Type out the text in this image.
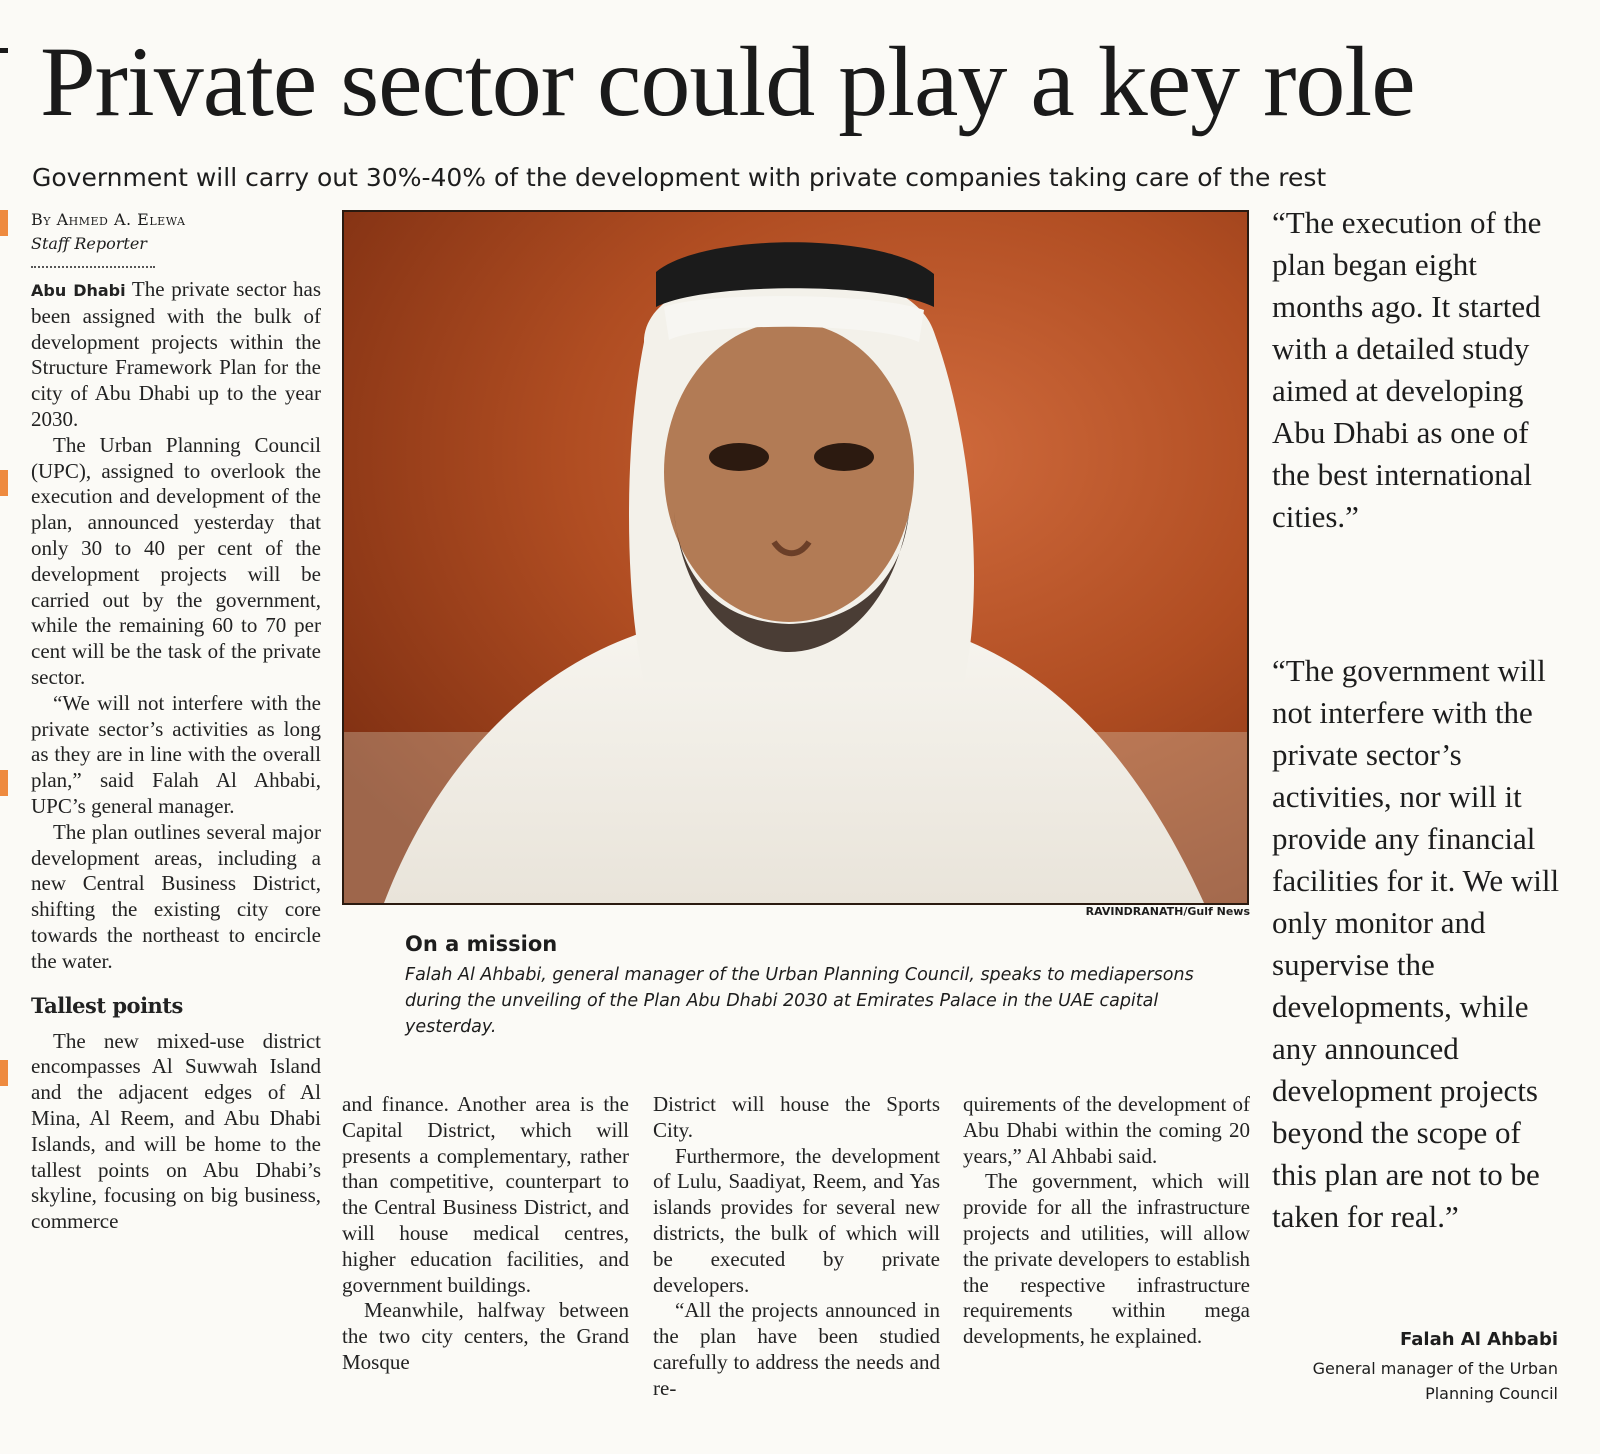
Private sector could play a key role
Government will carry out 30%-40% of the development with private companies taking care of the rest
By Ahmed A. Elewa
Staff Reporter

Abu Dhabi The private sector has been assigned with the bulk of development projects within the Structure Framework Plan for the city of Abu Dhabi up to the year 2030.

The Urban Planning Council (UPC), assigned to overlook the execution and development of the plan, announced yesterday that only 30 to 40 per cent of the development projects will be carried out by the government, while the remaining 60 to 70 per cent will be the task of the private sector.

“We will not interfere with the private sector’s activities as long as they are in line with the overall plan,” said Falah Al Ahbabi, UPC’s general manager.

The plan outlines several major development areas, including a new Central Business District, shifting the existing city core towards the northeast to encircle the water.

Tallest points

The new mixed-use district encompasses Al Suwwah Island and the adjacent edges of Al Mina, Al Reem, and Abu Dhabi Islands, and will be home to the tallest points on Abu Dhabi’s skyline, focusing on big business, commerce

RAVINDRANATH/Gulf News
On a mission
Falah Al Ahbabi, general manager of the Urban Planning Council, speaks to mediapersons during the unveiling of the Plan Abu Dhabi 2030 at Emirates Palace in the UAE capital yesterday.

and finance. Another area is the Capital District, which will presents a complementary, rather than competitive, counterpart to the Central Business District, and will house medical centres, higher education facilities, and government buildings.

Meanwhile, halfway between the two city centers, the Grand Mosque

District will house the Sports City.

Furthermore, the development of Lulu, Saadiyat, Reem, and Yas islands provides for several new districts, the bulk of which will be executed by private developers.

“All the projects announced in the plan have been studied carefully to address the needs and re-

quirements of the development of Abu Dhabi within the coming 20 years,” Al Ahbabi said.

The government, which will provide for all the infrastructure projects and utilities, will allow the private developers to establish the respective infrastructure requirements within mega developments, he explained.

“The execution of the plan began eight months ago. It started with a detailed study aimed at developing Abu Dhabi as one of the best international cities.”
“The government will not interfere with the private sector’s activities, nor will it provide any financial facilities for it. We will only monitor and supervise the developments, while any announced development projects beyond the scope of this plan are not to be taken for real.”
Falah Al Ahbabi
General manager of the Urban Planning Council
